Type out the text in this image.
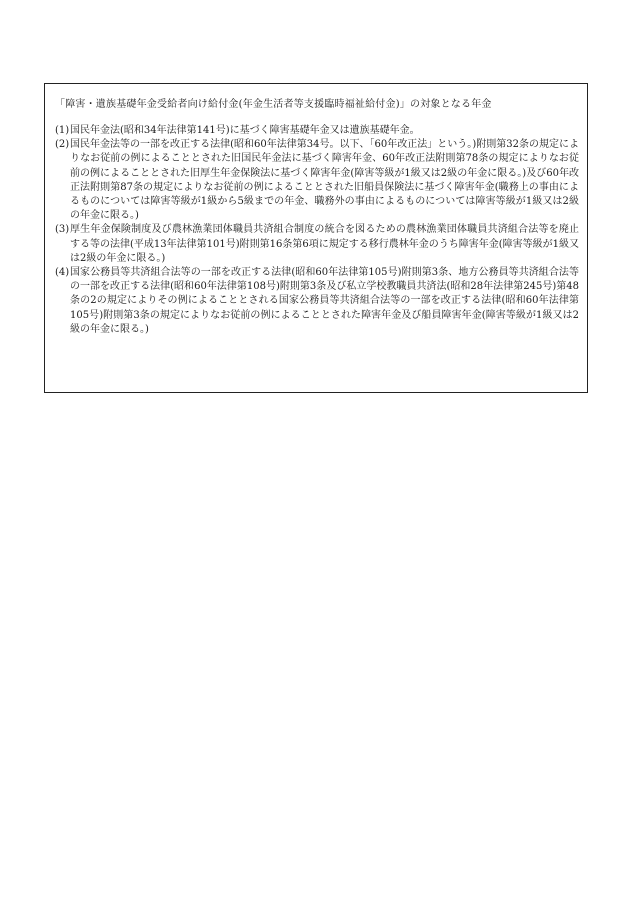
「障害・遺族基礎年金受給者向け給付金(年金生活者等支援臨時福祉給付金)」の対象となる年金
(1) 国民年金法(昭和34年法律第141号)に基づく障害基礎年金又は遺族基礎年金。
(2) 国民年金法等の一部を改正する法律(昭和60年法律第34号。以下、「60年改正法」という。)附則第32条の規定によりなお従前の例によることとされた旧国民年金法に基づく障害年金、60年改正法附則第78条の規定によりなお従前の例によることとされた旧厚生年金保険法に基づく障害年金(障害等級が1級又は2級の年金に限る。)及び60年改正法附則第87条の規定によりなお従前の例によることとされた旧船員保険法に基づく障害年金(職務上の事由によるものについては障害等級が1級から5級までの年金、職務外の事由によるものについては障害等級が1級又は2級の年金に限る。)
(3) 厚生年金保険制度及び農林漁業団体職員共済組合制度の統合を図るための農林漁業団体職員共済組合法等を廃止する等の法律(平成13年法律第101号)附則第16条第6項に規定する移行農林年金のうち障害年金(障害等級が1級又は2級の年金に限る。)
(4) 国家公務員等共済組合法等の一部を改正する法律(昭和60年法律第105号)附則第3条、地方公務員等共済組合法等の一部を改正する法律(昭和60年法律第108号)附則第3条及び私立学校教職員共済法(昭和28年法律第245号)第48条の2の規定によりその例によることとされる国家公務員等共済組合法等の一部を改正する法律(昭和60年法律第105号)附則第3条の規定によりなお従前の例によることとされた障害年金及び船員障害年金(障害等級が1級又は2級の年金に限る。)
